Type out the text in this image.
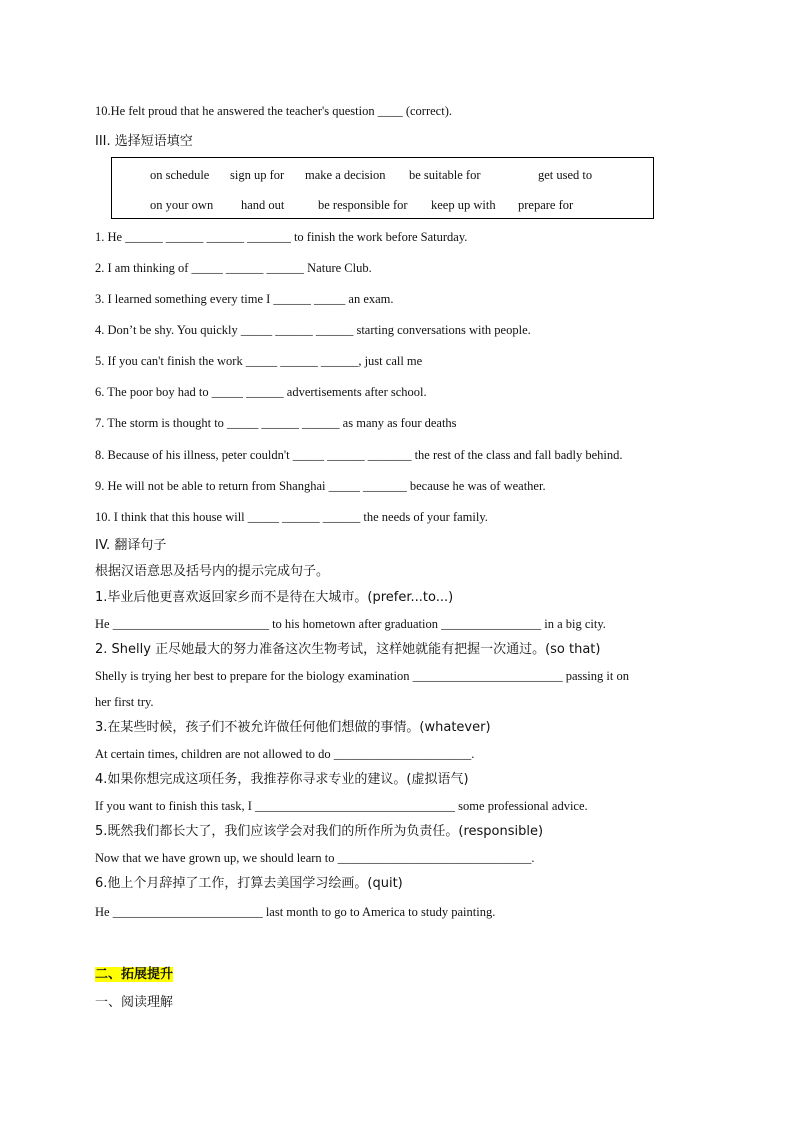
10.He felt proud that he answered the teacher's question ____ (correct).
III. 选择短语填空
on schedule sign up for make a decision be suitable for	get used to
on your own hand out	be responsible for keep up with prepare for
1. He ______ ______ ______ _______ to finish the work before Saturday.
2. I am thinking of _____ ______ ______ Nature Club.
3. I learned something every time I ______ _____ an exam.
4. Don’t be shy. You quickly _____ ______ ______ starting conversations with people.
5. If you can't finish the work _____ ______ ______, just call me
6. The poor boy had to _____ ______ advertisements after school.
7. The storm is thought to _____ ______ ______ as many as four deaths
8. Because of his illness, peter couldn't _____ ______ _______ the rest of the class and fall badly behind.
9. He will not be able to return from Shanghai _____ _______ because he was of weather.
10. I think that this house will _____ ______ ______ the needs of your family.
IV. 翻译句子
根据汉语意思及括号内的提示完成句子。
1.毕业后他更喜欢返回家乡而不是待在大城市。(prefer...to...)
He _________________________ to his hometown after graduation ________________ in a big city.
2. Shelly 正尽她最大的努力准备这次生物考试，这样她就能有把握一次通过。(so that)
Shelly is trying her best to prepare for the biology examination ________________________ passing it on
her first try.
3.在某些时候，孩子们不被允许做任何他们想做的事情。(whatever)
At certain times, children are not allowed to do ______________________.
4.如果你想完成这项任务，我推荐你寻求专业的建议。(虚拟语气)
If you want to finish this task, I ________________________________ some professional advice.
5.既然我们都长大了，我们应该学会对我们的所作所为负责任。(responsible)
Now that we have grown up, we should learn to _______________________________.
6.他上个月辞掉了工作，打算去美国学习绘画。(quit)
He ________________________ last month to go to America to study painting.
二、拓展提升
一、阅读理解
